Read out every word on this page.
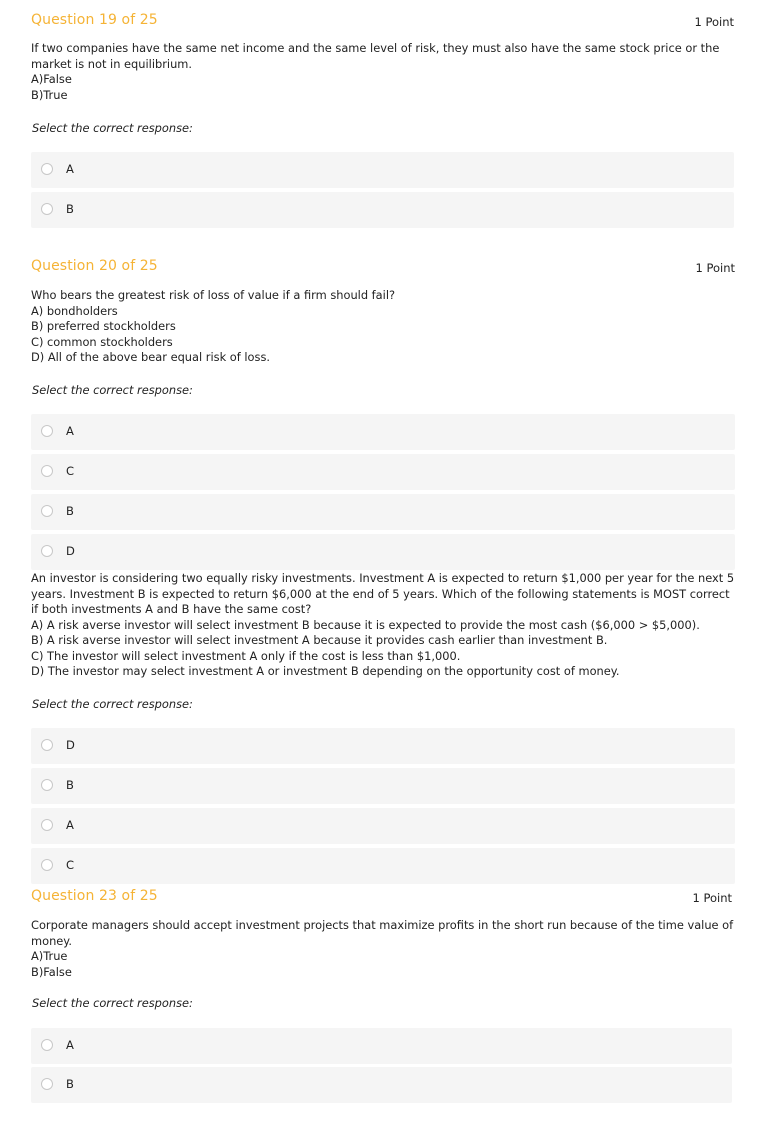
Question 19 of 25	1 Point
If two companies have the same net income and the same level of risk, they must also have the same stock price or the
market is not in equilibrium.
A)False
B)True

Select the correct response:

A
B
Question 20 of 25	1 Point
Who bears the greatest risk of loss of value if a firm should fail?
A) bondholders
B) preferred stockholders
C) common stockholders
D) All of the above bear equal risk of loss.

Select the correct response:

A
C
B
D
An investor is considering two equally risky investments. Investment A is expected to return $1,000 per year for the next 5
years. Investment B is expected to return $6,000 at the end of 5 years. Which of the following statements is MOST correct
if both investments A and B have the same cost?
A) A risk averse investor will select investment B because it is expected to provide the most cash ($6,000 > $5,000).
B) A risk averse investor will select investment A because it provides cash earlier than investment B.
C) The investor will select investment A only if the cost is less than $1,000.
D) The investor may select investment A or investment B depending on the opportunity cost of money.

Select the correct response:

D
B
A
C
Question 23 of 25	1 Point
Corporate managers should accept investment projects that maximize profits in the short run because of the time value of
money.
A)True
B)False

Select the correct response:

A
B
